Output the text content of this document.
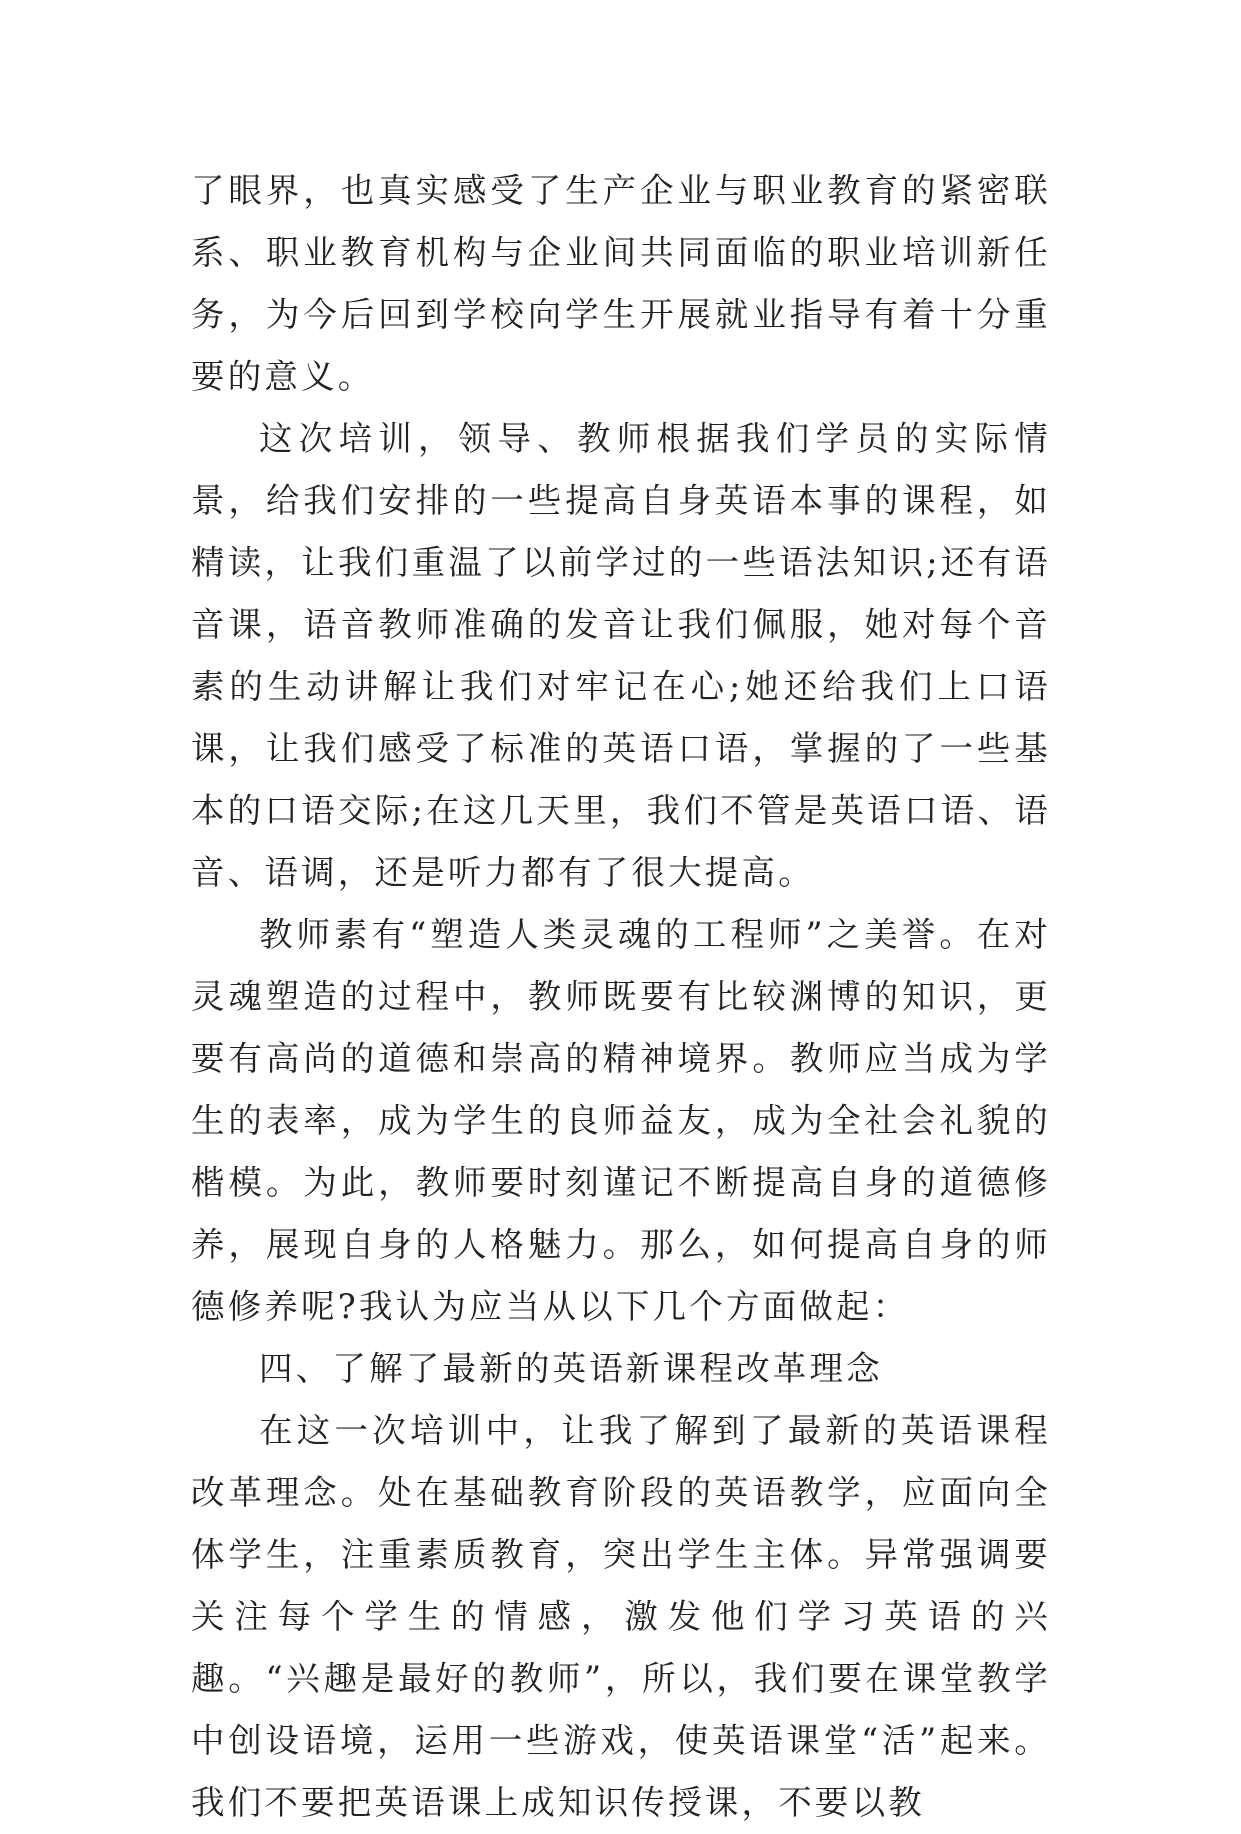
了眼界，也真实感受了生产企业与职业教育的紧密联系、职业教育机构与企业间共同面临的职业培训新任务，为今后回到学校向学生开展就业指导有着十分重要的意义。

这次培训，领导、教师根据我们学员的实际情景，给我们安排的一些提高自身英语本事的课程，如精读，让我们重温了以前学过的一些语法知识;还有语音课，语音教师准确的发音让我们佩服，她对每个音素的生动讲解让我们对牢记在心;她还给我们上口语课，让我们感受了标准的英语口语，掌握的了一些基本的口语交际;在这几天里，我们不管是英语口语、语音、语调，还是听力都有了很大提高。

教师素有“塑造人类灵魂的工程师”之美誉。在对灵魂塑造的过程中，教师既要有比较渊博的知识，更要有高尚的道德和崇高的精神境界。教师应当成为学生的表率，成为学生的良师益友，成为全社会礼貌的楷模。为此，教师要时刻谨记不断提高自身的道德修养，展现自身的人格魅力。那么，如何提高自身的师德修养呢?我认为应当从以下几个方面做起：

四、了解了最新的英语新课程改革理念

在这一次培训中，让我了解到了最新的英语课程改革理念。处在基础教育阶段的英语教学，应面向全体学生，注重素质教育，突出学生主体。异常强调要关注每个学生的情感，激发他们学习英语的兴趣。“兴趣是最好的教师”，所以，我们要在课堂教学中创设语境，运用一些游戏，使英语课堂“活”起来。我们不要把英语课上成知识传授课，不要以教
